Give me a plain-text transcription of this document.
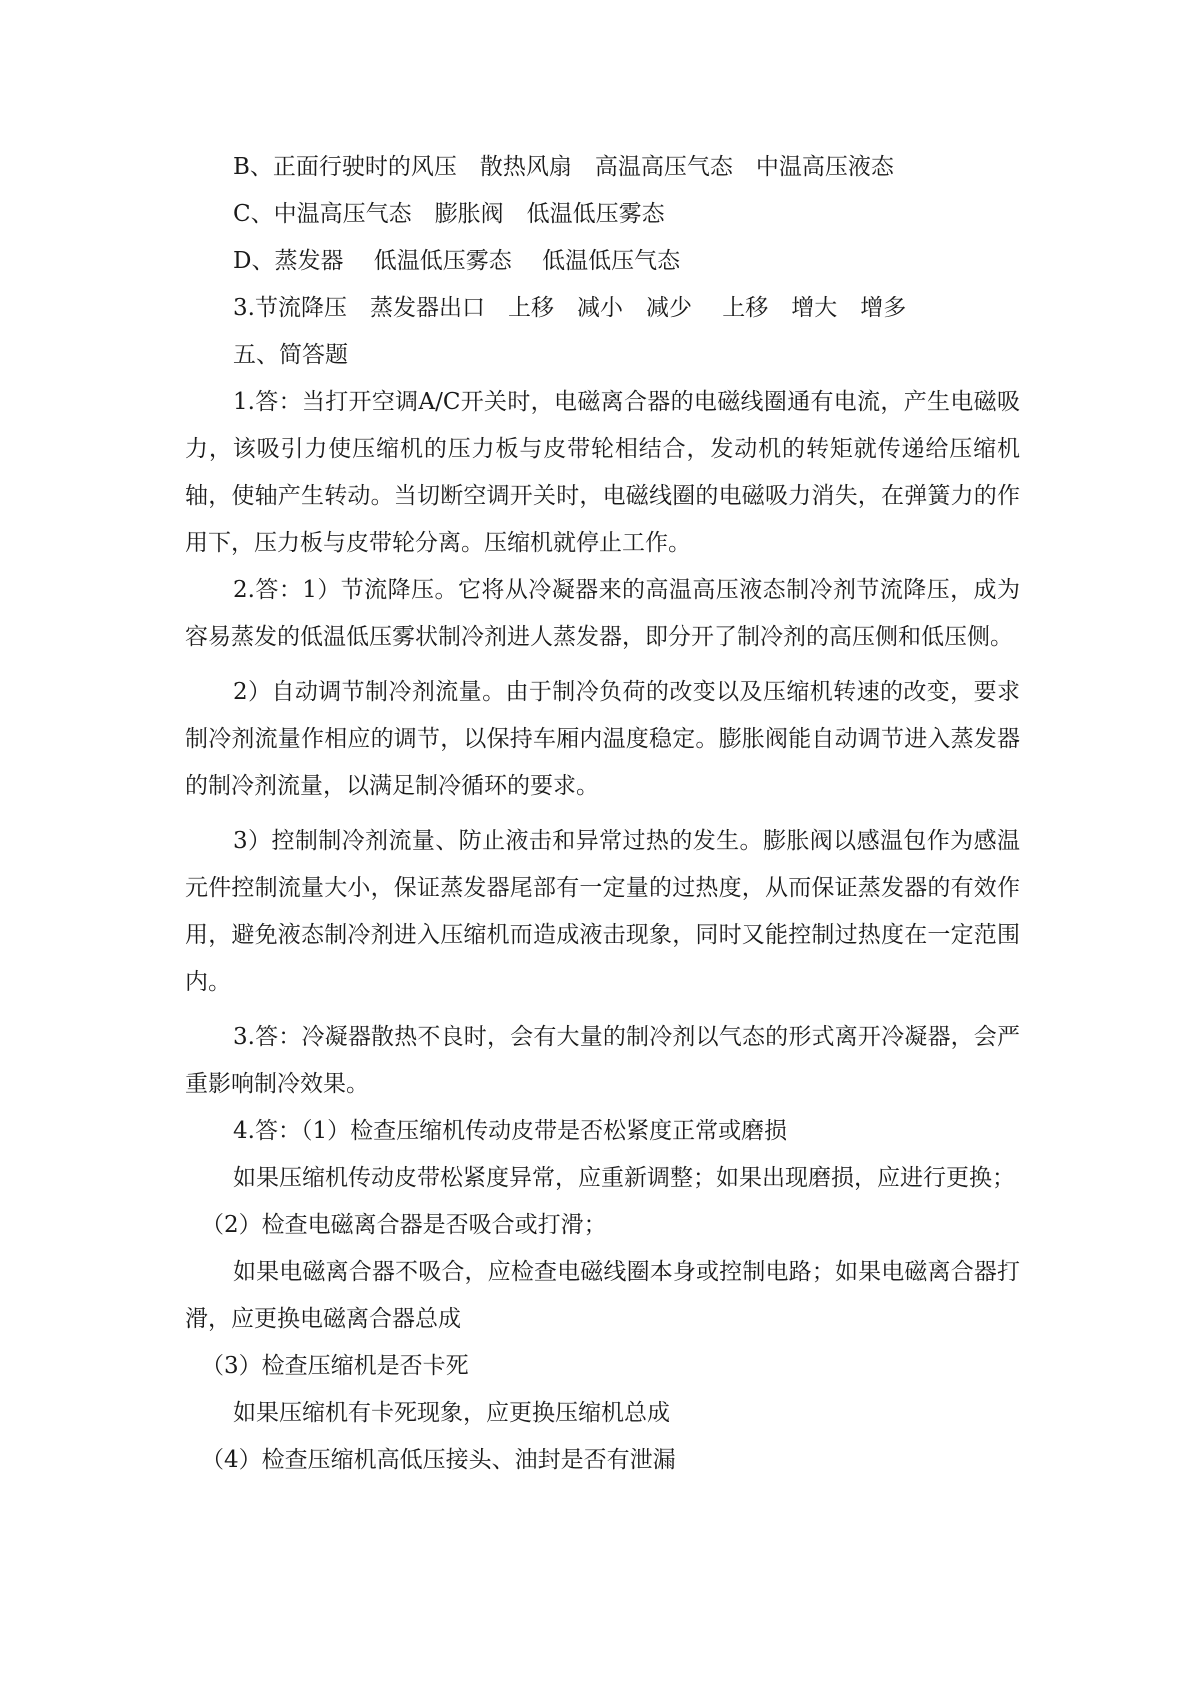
B、正面行驶时的风压　散热风扇　高温高压气态　中温高压液态

C、中温高压气态　膨胀阀　低温低压雾态

D、蒸发器　 低温低压雾态　 低温低压气态

3.节流降压　蒸发器出口　上移　减小　减少　 上移　增大　增多

五、简答题

1.答：当打开空调A/C开关时，电磁离合器的电磁线圈通有电流，产生电磁吸力，该吸引力使压缩机的压力板与皮带轮相结合，发动机的转矩就传递给压缩机轴，使轴产生转动。当切断空调开关时，电磁线圈的电磁吸力消失，在弹簧力的作用下，压力板与皮带轮分离。压缩机就停止工作。

2.答：1）节流降压。它将从冷凝器来的高温高压液态制冷剂节流降压，成为容易蒸发的低温低压雾状制冷剂进人蒸发器，即分开了制冷剂的高压侧和低压侧。

2）自动调节制冷剂流量。由于制冷负荷的改变以及压缩机转速的改变，要求制冷剂流量作相应的调节，以保持车厢内温度稳定。膨胀阀能自动调节进入蒸发器的制冷剂流量，以满足制冷循环的要求。

3）控制制冷剂流量、防止液击和异常过热的发生。膨胀阀以感温包作为感温元件控制流量大小，保证蒸发器尾部有一定量的过热度，从而保证蒸发器的有效作用，避免液态制冷剂进入压缩机而造成液击现象，同时又能控制过热度在一定范围内。

3.答：冷凝器散热不良时，会有大量的制冷剂以气态的形式离开冷凝器，会严重影响制冷效果。

4.答：（1）检查压缩机传动皮带是否松紧度正常或磨损

如果压缩机传动皮带松紧度异常，应重新调整；如果出现磨损，应进行更换；

（2）检查电磁离合器是否吸合或打滑；

如果电磁离合器不吸合，应检查电磁线圈本身或控制电路；如果电磁离合器打滑，应更换电磁离合器总成

（3）检查压缩机是否卡死

如果压缩机有卡死现象，应更换压缩机总成

（4）检查压缩机高低压接头、油封是否有泄漏
